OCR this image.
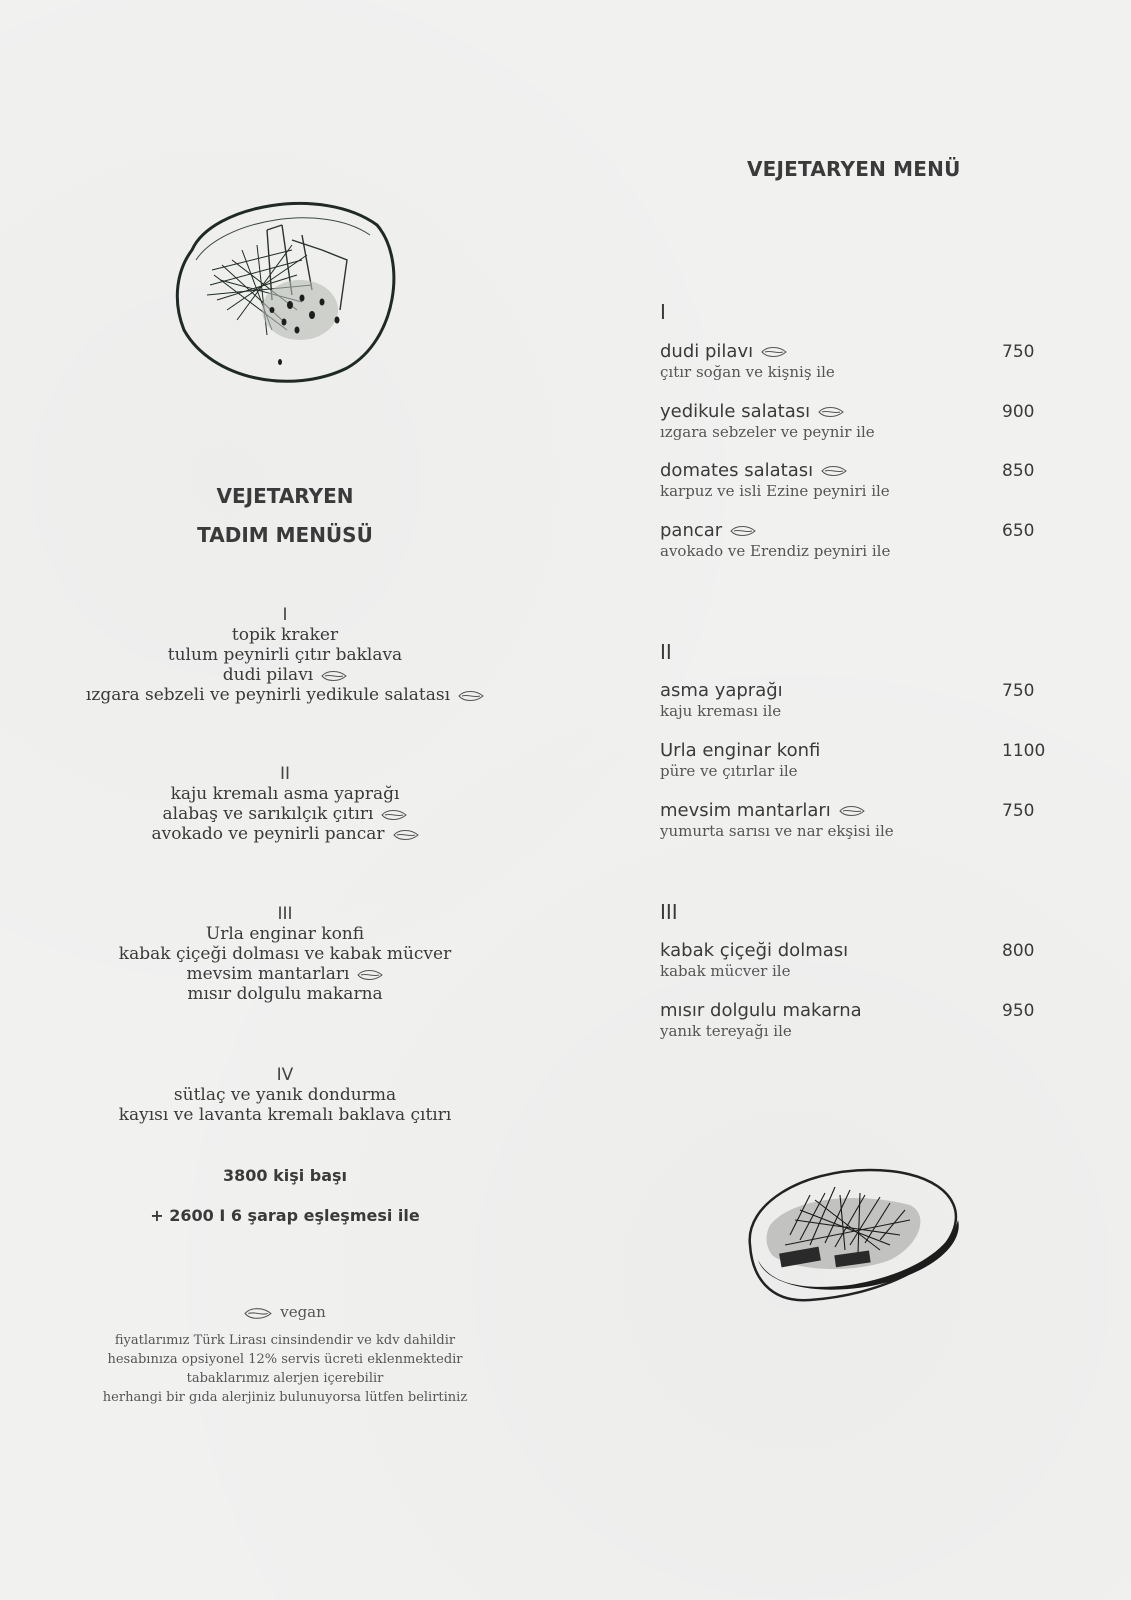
VEJETARYEN MENÜ
VEJETARYEN
TADIM MENÜSÜ
I
topik kraker
tulum peynirli çıtır baklava
dudi pilavı
ızgara sebzeli ve peynirli yedikule salatası
II
kaju kremalı asma yaprağı
alabaş ve sarıkılçık çıtırı
avokado ve peynirli pancar
III
Urla enginar konfi
kabak çiçeği dolması ve kabak mücver
mevsim mantarları
mısır dolgulu makarna
IV
sütlaç ve yanık dondurma
kayısı ve lavanta kremalı baklava çıtırı
3800 kişi başı
+ 2600 I 6 şarap eşleşmesi ile
vegan
fiyatlarımız Türk Lirası cinsindendir ve kdv dahildir
hesabınıza opsiyonel 12% servis ücreti eklenmektedir
tabaklarımız alerjen içerebilir
herhangi bir gıda alerjiniz bulunuyorsa lütfen belirtiniz
I
dudi pilavı
çıtır soğan ve kişniş ile
750
yedikule salatası
ızgara sebzeler ve peynir ile
900
domates salatası
karpuz ve isli Ezine peyniri ile
850
pancar
avokado ve Erendiz peyniri ile
650
II
asma yaprağı
kaju kreması ile
750
Urla enginar konfi
püre ve çıtırlar ile
1100
mevsim mantarları
yumurta sarısı ve nar ekşisi ile
750
III
kabak çiçeği dolması
kabak mücver ile
800
mısır dolgulu makarna
yanık tereyağı ile
950
